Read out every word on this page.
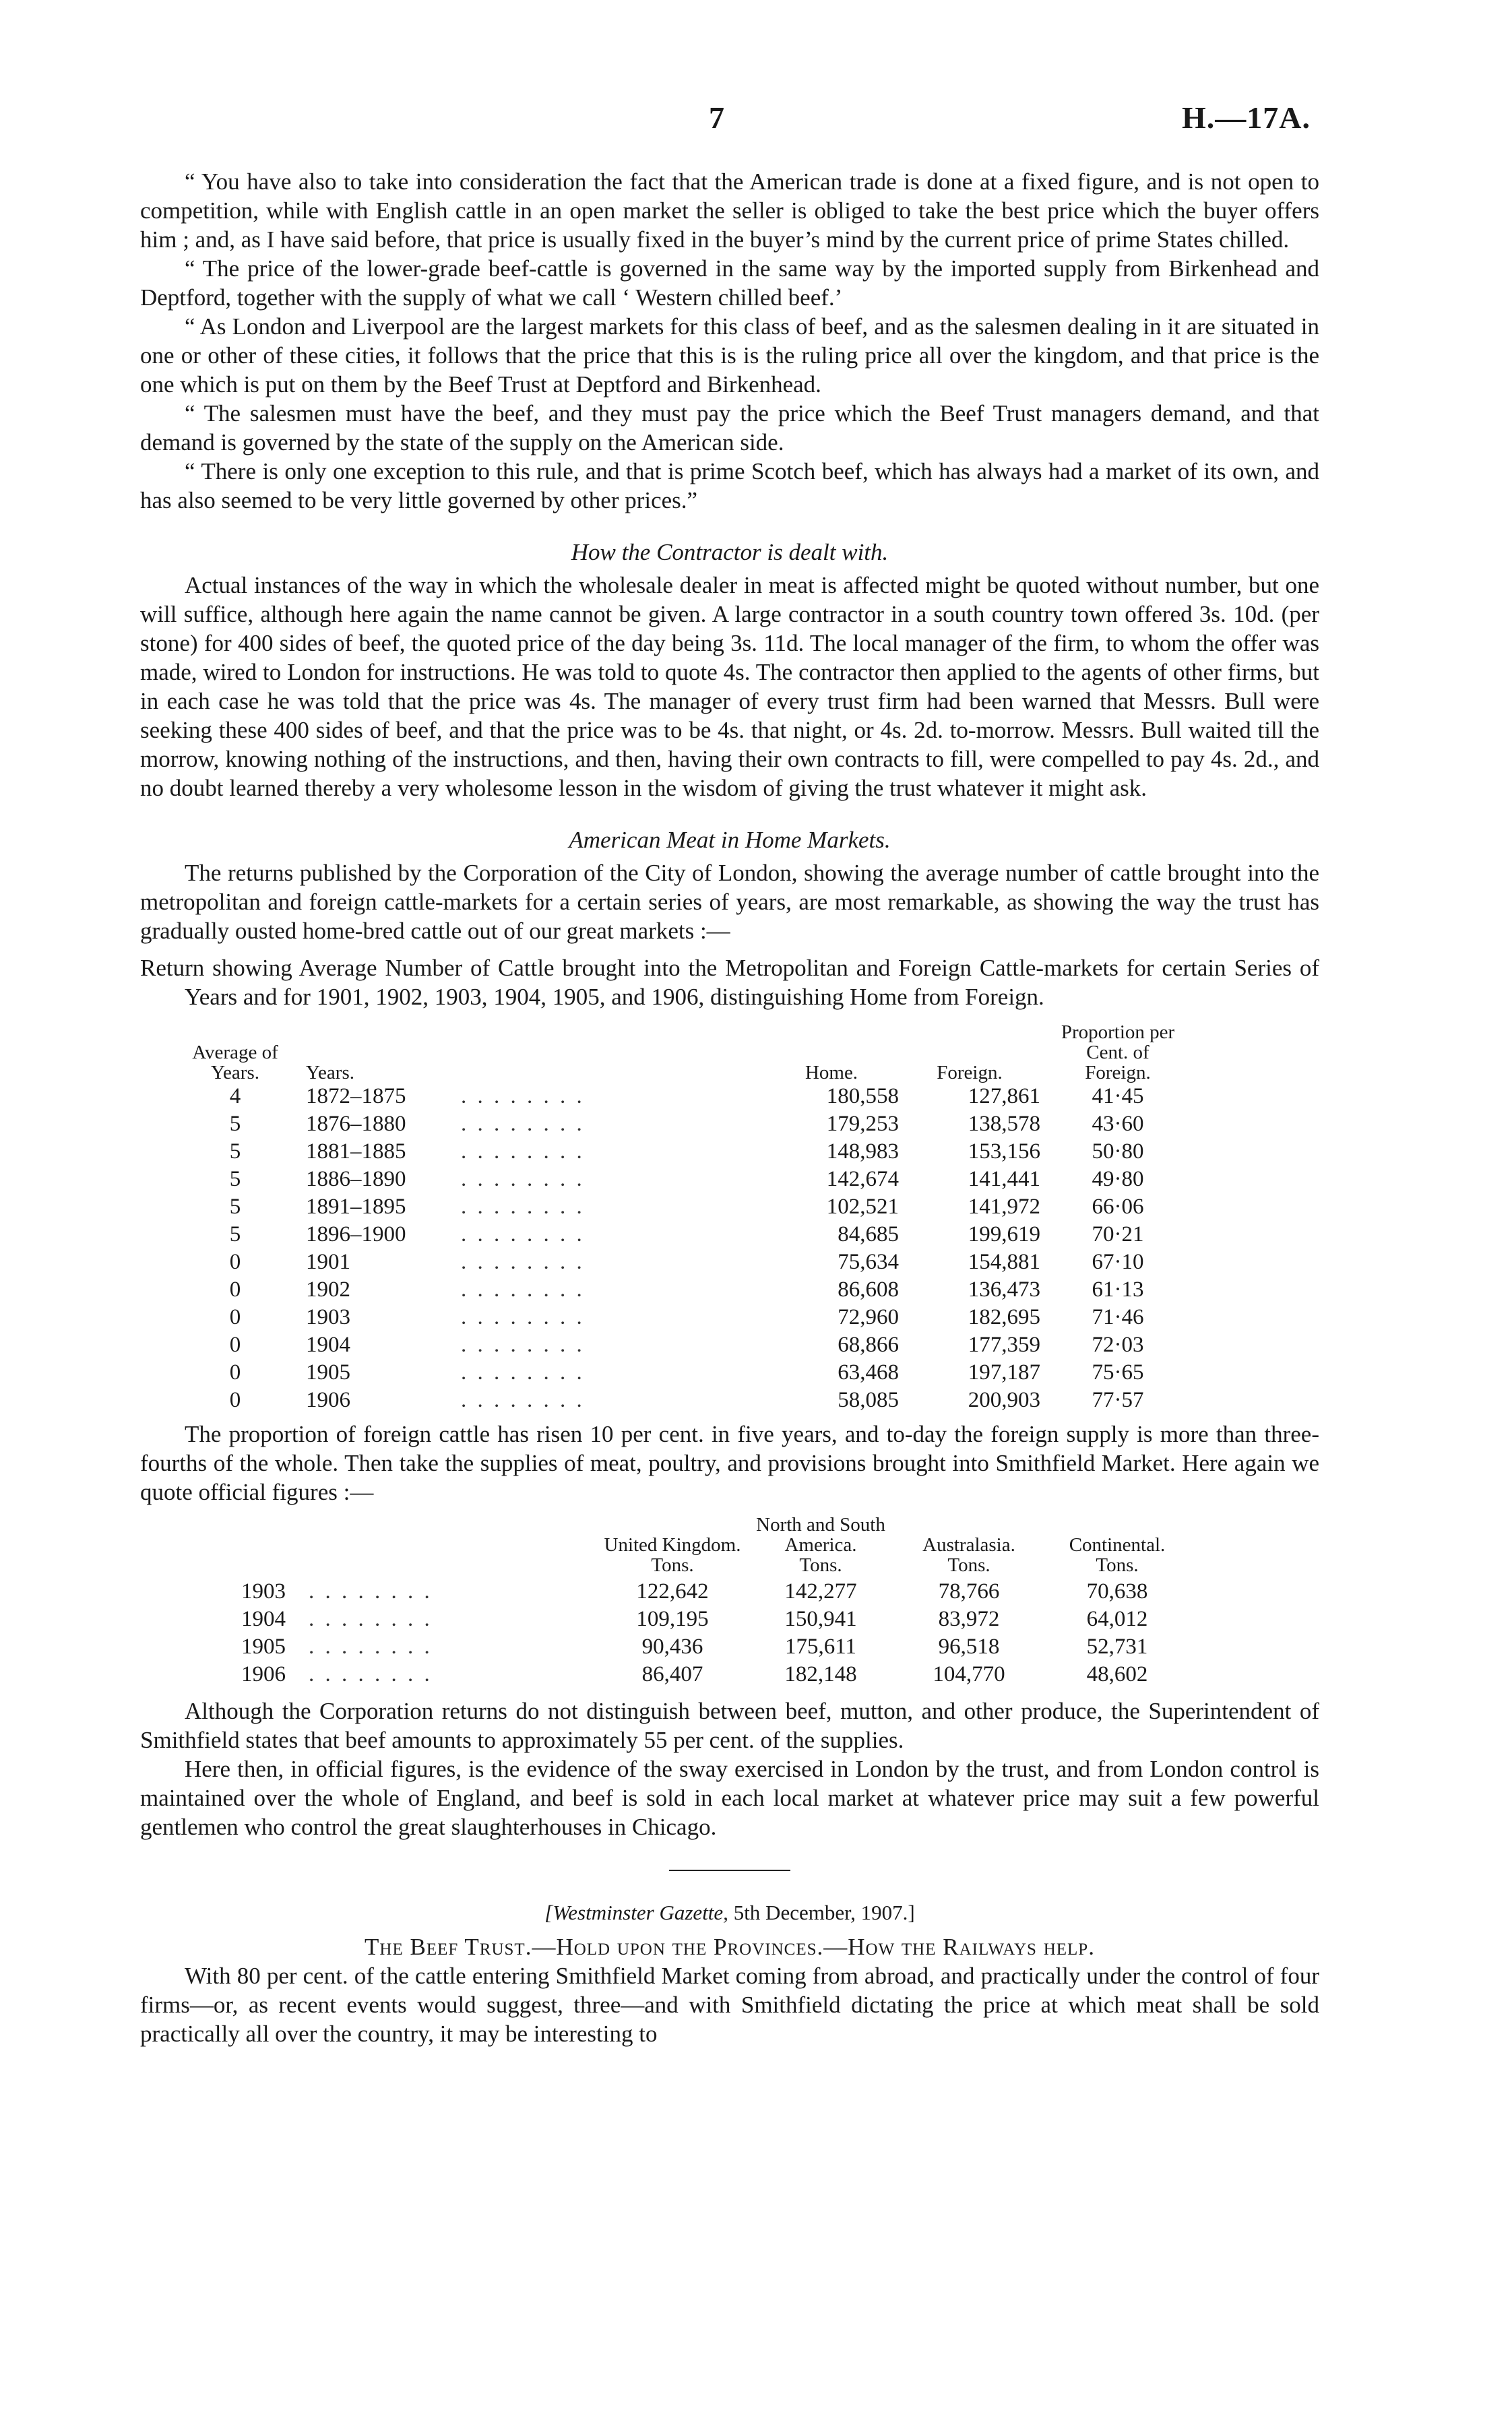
7	H.—17A.

“ You have also to take into consideration the fact that the American trade is done at a fixed figure, and is not open to competition, while with English cattle in an open market the seller is obliged to take the best price which the buyer offers him ; and, as I have said before, that price is usually fixed in the buyer’s mind by the current price of prime States chilled.

“ The price of the lower-grade beef-cattle is governed in the same way by the imported supply from Birkenhead and Deptford, together with the supply of what we call ‘ Western chilled beef.’

“ As London and Liverpool are the largest markets for this class of beef, and as the salesmen dealing in it are situated in one or other of these cities, it follows that the price that this is is the ruling price all over the kingdom, and that price is the one which is put on them by the Beef Trust at Deptford and Birkenhead.

“ The salesmen must have the beef, and they must pay the price which the Beef Trust managers demand, and that demand is governed by the state of the supply on the American side.

“ There is only one exception to this rule, and that is prime Scotch beef, which has always had a market of its own, and has also seemed to be very little governed by other prices.”

How the Contractor is dealt with.

Actual instances of the way in which the wholesale dealer in meat is affected might be quoted without number, but one will suffice, although here again the name cannot be given. A large contractor in a south country town offered 3s. 10d. (per stone) for 400 sides of beef, the quoted price of the day being 3s. 11d. The local manager of the firm, to whom the offer was made, wired to London for instructions. He was told to quote 4s. The contractor then applied to the agents of other firms, but in each case he was told that the price was 4s. The manager of every trust firm had been warned that Messrs. Bull were seeking these 400 sides of beef, and that the price was to be 4s. that night, or 4s. 2d. to-morrow. Messrs. Bull waited till the morrow, knowing nothing of the instructions, and then, having their own contracts to fill, were compelled to pay 4s. 2d., and no doubt learned thereby a very wholesome lesson in the wisdom of giving the trust whatever it might ask.

American Meat in Home Markets.

The returns published by the Corporation of the City of London, showing the average number of cattle brought into the metropolitan and foreign cattle-markets for a certain series of years, are most remarkable, as showing the way the trust has gradually ousted home-bred cattle out of our great markets :—

Return showing Average Number of Cattle brought into the Metropolitan and Foreign Cattle-markets for certain Series of Years and for 1901, 1902, 1903, 1904, 1905, and 1906, distinguishing Home from Foreign.

Average of Years.	Years.		Home.	Foreign.	Proportion per Cent. of Foreign.
4	1872–1875	. . . . . . . .	180,558	127,861	41·45
5	1876–1880	. . . . . . . .	179,253	138,578	43·60
5	1881–1885	. . . . . . . .	148,983	153,156	50·80
5	1886–1890	. . . . . . . .	142,674	141,441	49·80
5	1891–1895	. . . . . . . .	102,521	141,972	66·06
5	1896–1900	. . . . . . . .	84,685	199,619	70·21
0	1901	. . . . . . . .	75,634	154,881	67·10
0	1902	. . . . . . . .	86,608	136,473	61·13
0	1903	. . . . . . . .	72,960	182,695	71·46
0	1904	. . . . . . . .	68,866	177,359	72·03
0	1905	. . . . . . . .	63,468	197,187	75·65
0	1906	. . . . . . . .	58,085	200,903	77·57

The proportion of foreign cattle has risen 10 per cent. in five years, and to-day the foreign supply is more than three-fourths of the whole. Then take the supplies of meat, poultry, and provisions brought into Smithfield Market. Here again we quote official figures :—

		United Kingdom.	North and South America.	Australasia.	Continental.
		Tons.	Tons.	Tons.	Tons.
1903	. . . . . . . .	122,642	142,277	78,766	70,638
1904	. . . . . . . .	109,195	150,941	83,972	64,012
1905	. . . . . . . .	90,436	175,611	96,518	52,731
1906	. . . . . . . .	86,407	182,148	104,770	48,602

Although the Corporation returns do not distinguish between beef, mutton, and other produce, the Superintendent of Smithfield states that beef amounts to approximately 55 per cent. of the supplies.

Here then, in official figures, is the evidence of the sway exercised in London by the trust, and from London control is maintained over the whole of England, and beef is sold in each local market at whatever price may suit a few powerful gentlemen who control the great slaughterhouses in Chicago.

[Westminster Gazette, 5th December, 1907.]

The Beef Trust.—Hold upon the Provinces.—How the Railways help.

With 80 per cent. of the cattle entering Smithfield Market coming from abroad, and practically under the control of four firms—or, as recent events would suggest, three—and with Smithfield dictating the price at which meat shall be sold practically all over the country, it may be interesting to
